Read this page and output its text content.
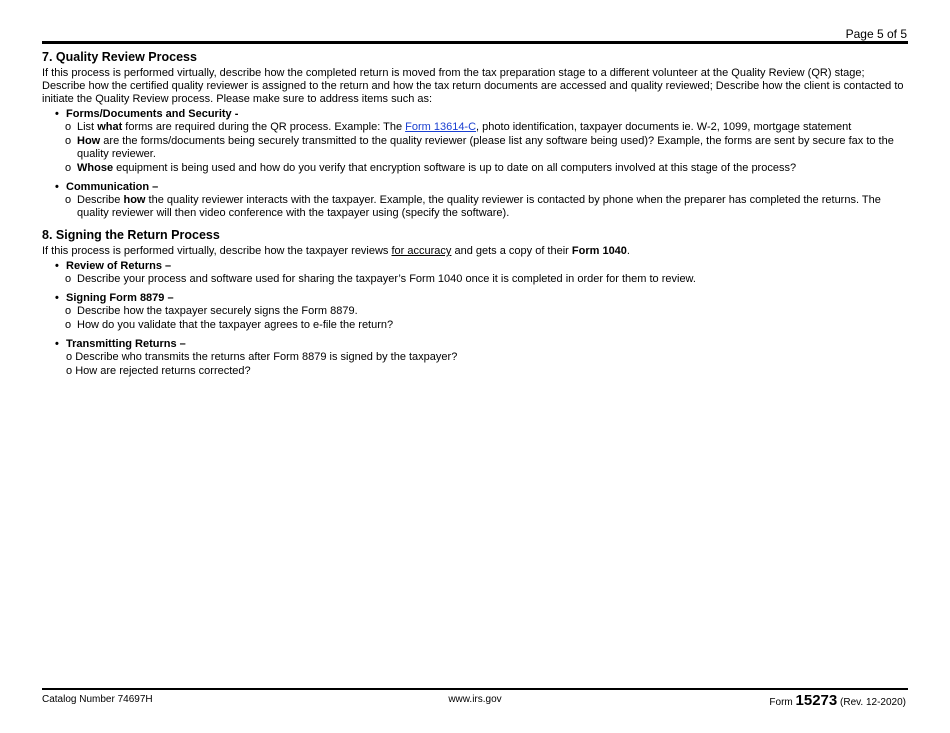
Page 5 of 5
7. Quality Review Process

If this process is performed virtually, describe how the completed return is moved from the tax preparation stage to a different volunteer at the Quality Review (QR) stage; Describe how the certified quality reviewer is assigned to the return and how the tax return documents are accessed and quality reviewed; Describe how the client is contacted to initiate the Quality Review process. Please make sure to address items such as:

• Forms/Documents and Security -
o List what forms are required during the QR process. Example: The Form 13614-C, photo identification, taxpayer documents ie. W-2, 1099, mortgage statement
o How are the forms/documents being securely transmitted to the quality reviewer (please list any software being used)? Example, the forms are sent by secure fax to the quality reviewer.
o Whose equipment is being used and how do you verify that encryption software is up to date on all computers involved at this stage of the process?
• Communication –
o Describe how the quality reviewer interacts with the taxpayer. Example, the quality reviewer is contacted by phone when the preparer has completed the returns. The quality reviewer will then video conference with the taxpayer using (specify the software).
8. Signing the Return Process

If this process is performed virtually, describe how the taxpayer reviews for accuracy and gets a copy of their Form 1040.

• Review of Returns –
o Describe your process and software used for sharing the taxpayer’s Form 1040 once it is completed in order for them to review.
• Signing Form 8879 –
o Describe how the taxpayer securely signs the Form 8879.
o How do you validate that the taxpayer agrees to e-file the return?
• Transmitting Returns –
o Describe who transmits the returns after Form 8879 is signed by the taxpayer?
o How are rejected returns corrected?
Catalog Number 74697H	www.irs.gov	Form 15273 (Rev. 12-2020)
